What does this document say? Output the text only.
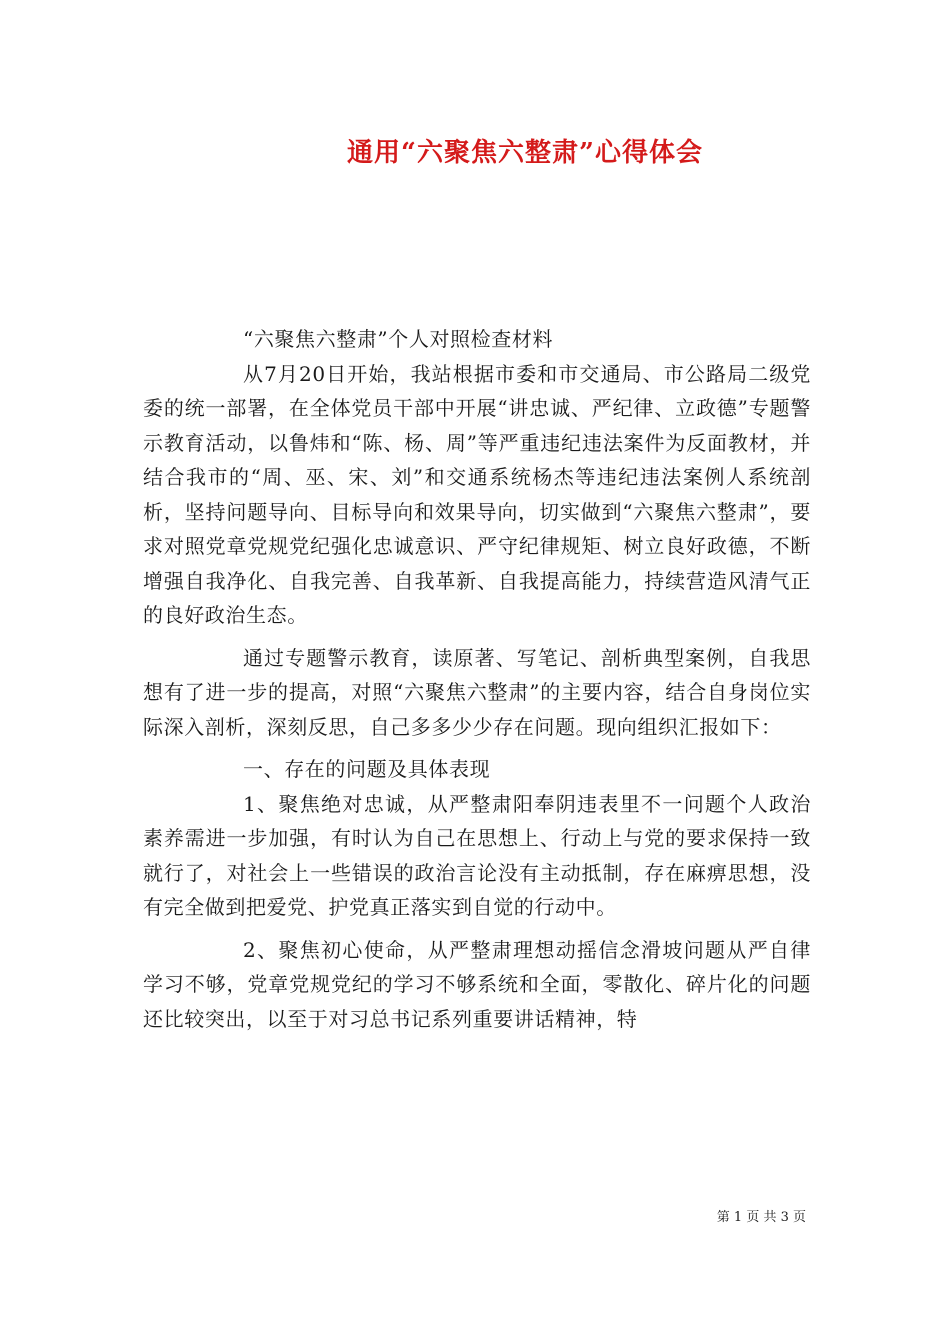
通用“六聚焦六整肃”心得体会

“六聚焦六整肃”个人对照检查材料

从7月20日开始，我站根据市委和市交通局、市公路局二级党委的统一部署，在全体党员干部中开展“讲忠诚、严纪律、立政德”专题警示教育活动，以鲁炜和“陈、杨、周”等严重违纪违法案件为反面教材，并结合我市的“周、巫、宋、刘”和交通系统杨杰等违纪违法案例人系统剖析，坚持问题导向、目标导向和效果导向，切实做到“六聚焦六整肃”，要求对照党章党规党纪强化忠诚意识、严守纪律规矩、树立良好政德，不断增强自我净化、自我完善、自我革新、自我提高能力，持续营造风清气正的良好政治生态。

通过专题警示教育，读原著、写笔记、剖析典型案例，自我思想有了进一步的提高，对照“六聚焦六整肃”的主要内容，结合自身岗位实际深入剖析，深刻反思，自己多多少少存在问题。现向组织汇报如下：

一、存在的问题及具体表现

1、聚焦绝对忠诚，从严整肃阳奉阴违表里不一问题个人政治素养需进一步加强，有时认为自己在思想上、行动上与党的要求保持一致就行了，对社会上一些错误的政治言论没有主动抵制，存在麻痹思想，没有完全做到把爱党、护党真正落实到自觉的行动中。

2、聚焦初心使命，从严整肃理想动摇信念滑坡问题从严自律学习不够，党章党规党纪的学习不够系统和全面，零散化、碎片化的问题还比较突出，以至于对习总书记系列重要讲话精神，特

第 1 页 共 3 页
